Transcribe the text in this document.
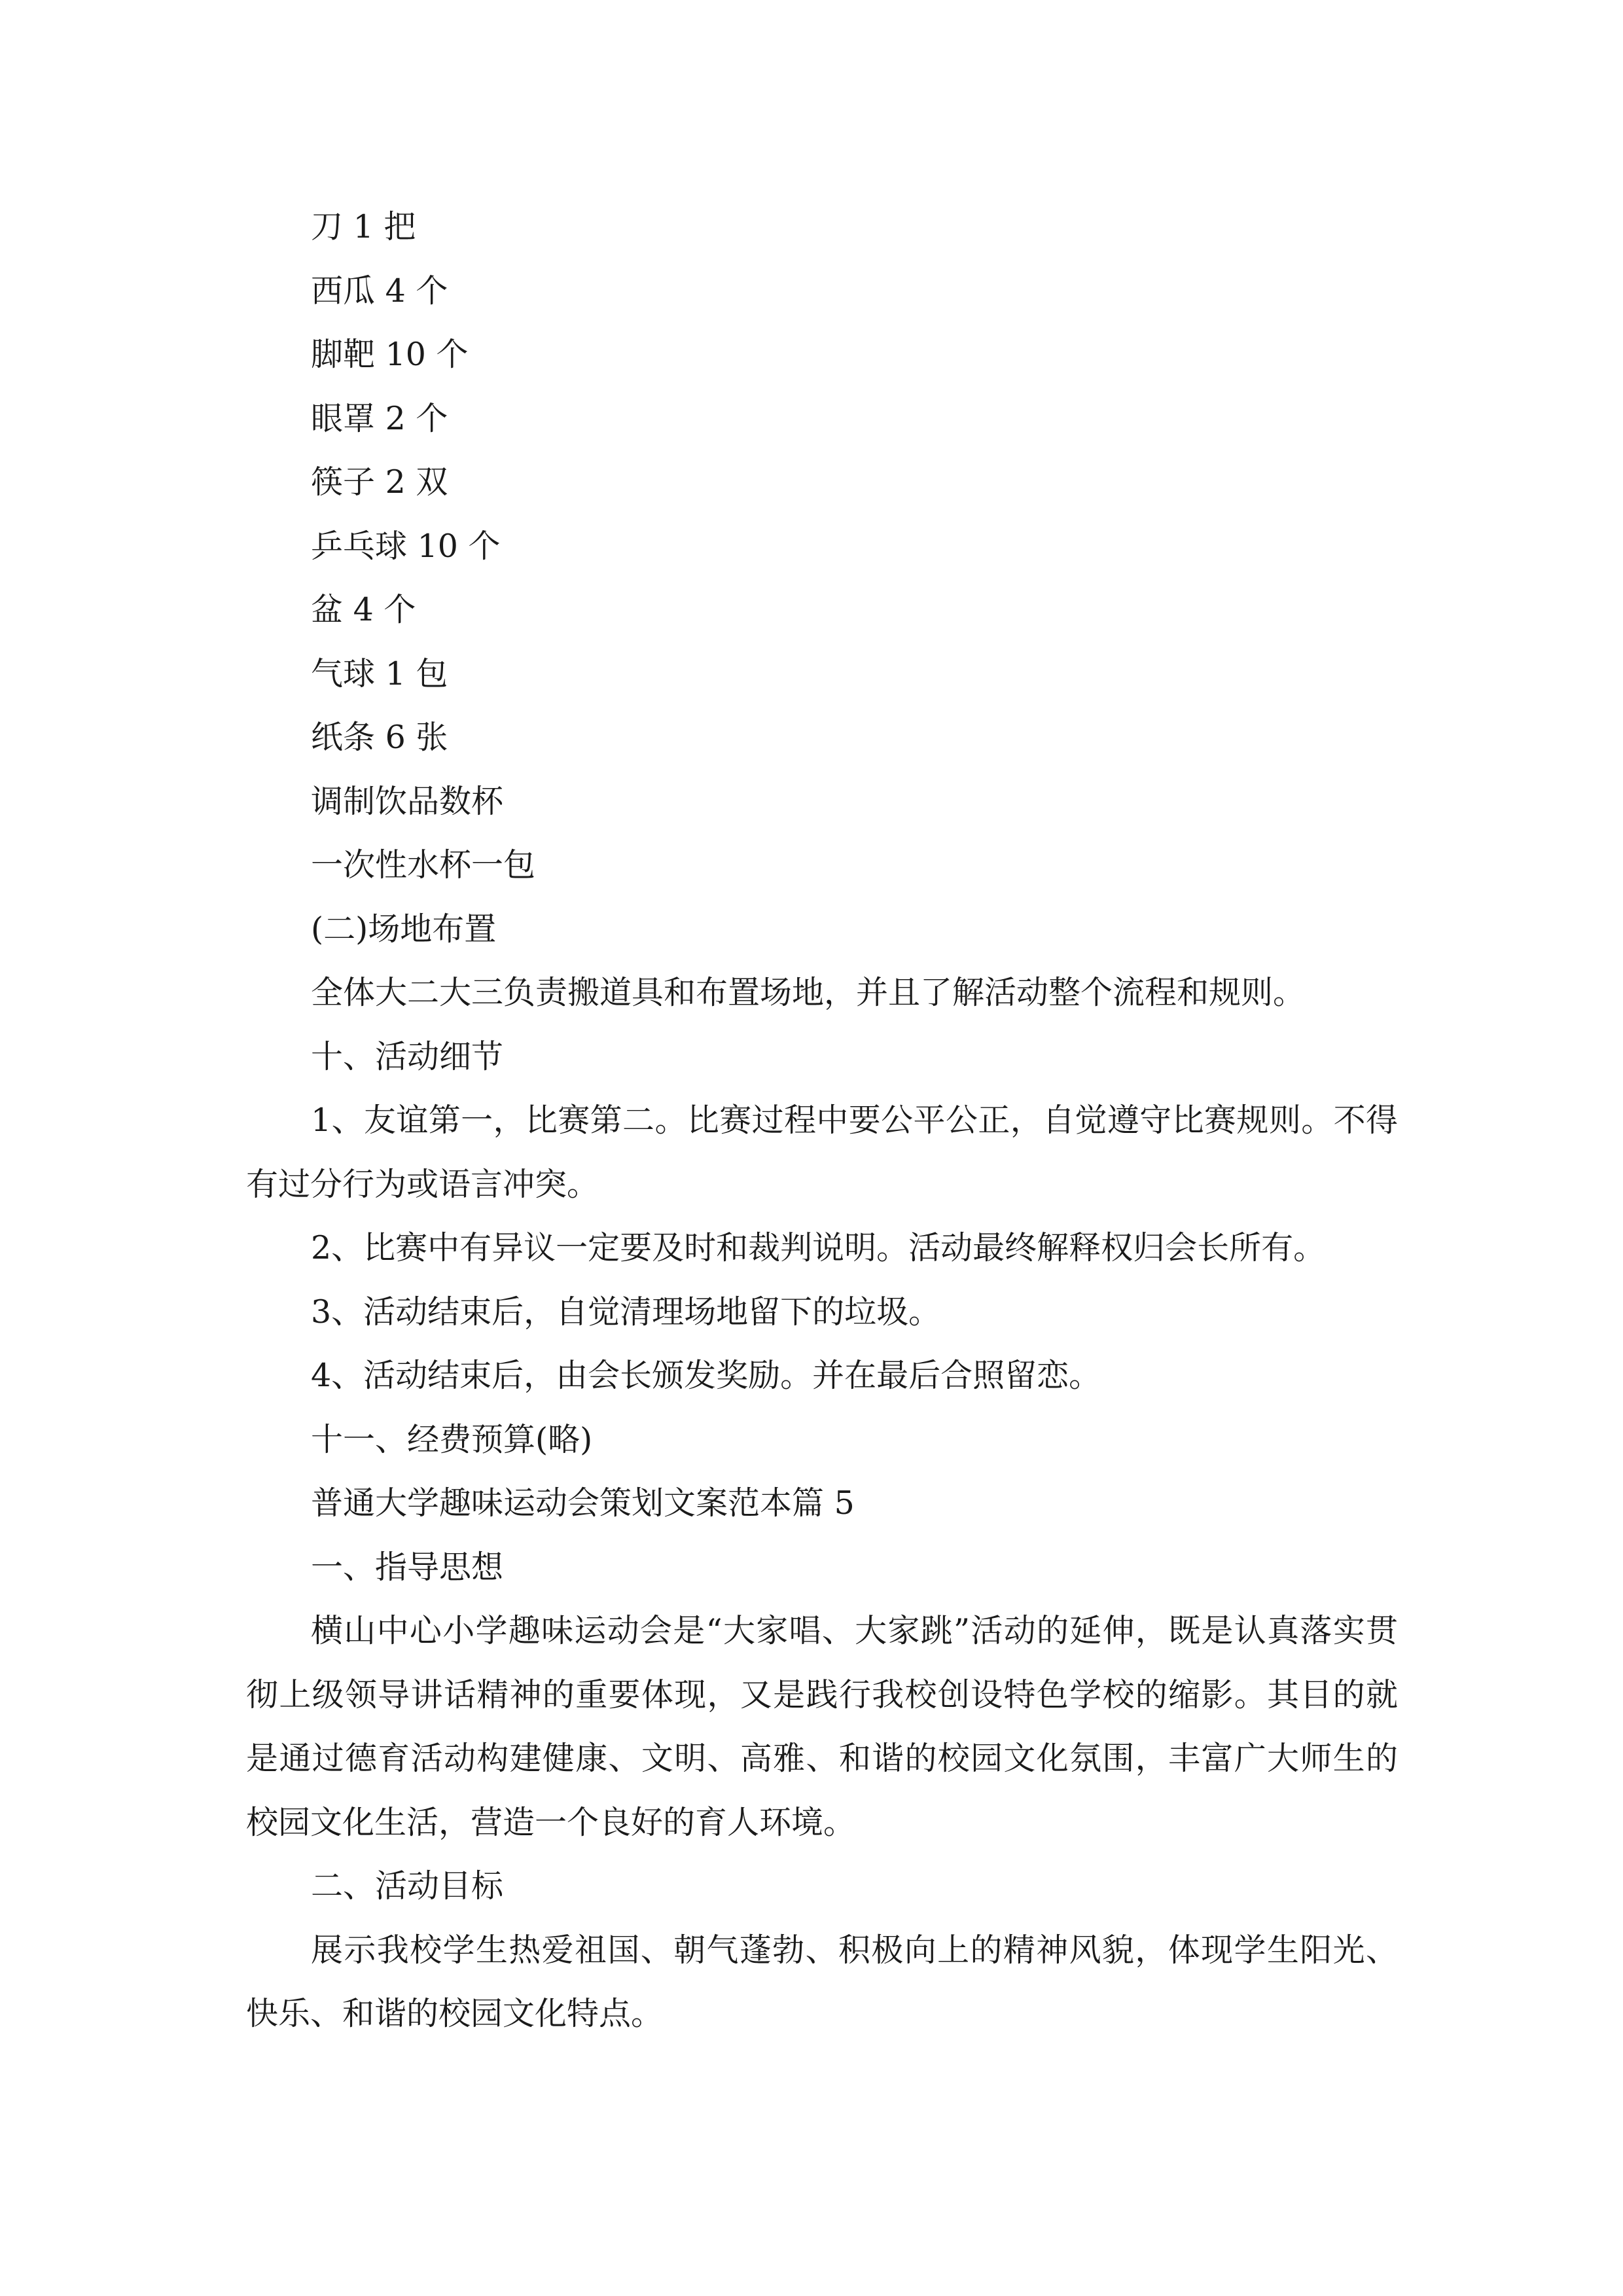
刀 1 把

西瓜 4 个

脚靶 10 个

眼罩 2 个

筷子 2 双

乒乓球 10 个

盆 4 个

气球 1 包

纸条 6 张

调制饮品数杯

一次性水杯一包

(二)场地布置

全体大二大三负责搬道具和布置场地，并且了解活动整个流程和规则。

十、活动细节

1、友谊第一，比赛第二。比赛过程中要公平公正，自觉遵守比赛规则。不得有过分行为或语言冲突。

2、比赛中有异议一定要及时和裁判说明。活动最终解释权归会长所有。

3、活动结束后，自觉清理场地留下的垃圾。

4、活动结束后，由会长颁发奖励。并在最后合照留恋。

十一、经费预算(略)

普通大学趣味运动会策划文案范本篇 5

一、指导思想

横山中心小学趣味运动会是“大家唱、大家跳”活动的延伸，既是认真落实贯彻上级领导讲话精神的重要体现，又是践行我校创设特色学校的缩影。其目的就是通过德育活动构建健康、文明、高雅、和谐的校园文化氛围，丰富广大师生的校园文化生活，营造一个良好的育人环境。

二、活动目标

展示我校学生热爱祖国、朝气蓬勃、积极向上的精神风貌，体现学生阳光、快乐、和谐的校园文化特点。
